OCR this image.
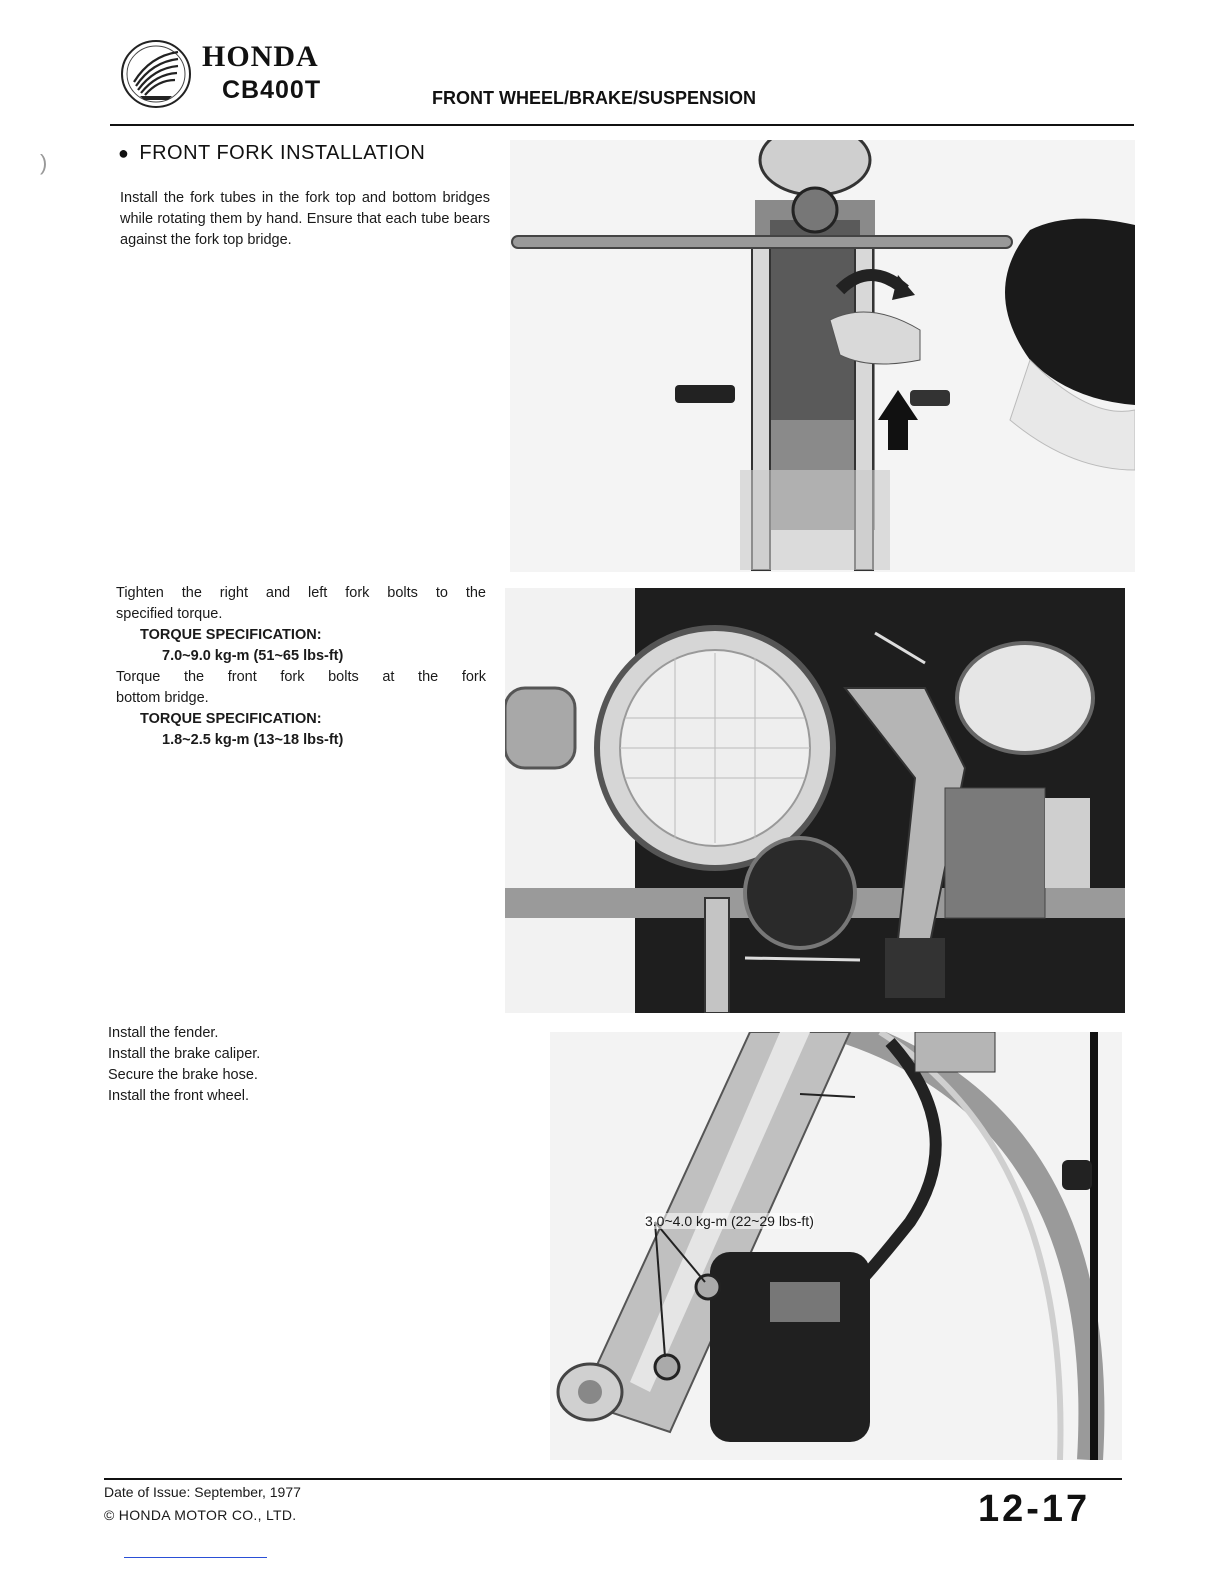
HONDA
CB400T	FRONT WHEEL/BRAKE/SUSPENSION
)	● FRONT FORK INSTALLATION
Install the fork tubes in the fork top and bottom bridges while rotating them by hand. Ensure that each tube bears against the fork top bridge.
Tighten the right and left fork bolts to the
specified torque.
TORQUE SPECIFICATION:
7.0~9.0 kg-m (51~65 lbs-ft)
Torque the front fork bolts at the fork
bottom bridge.
TORQUE SPECIFICATION:
1.8~2.5 kg-m (13~18 lbs-ft)
Install the fender.
Install the brake caliper.
Secure the brake hose.
Install the front wheel.
3.0~4.0 kg-m (22~29 lbs-ft)
Date of Issue: September, 1977
© HONDA MOTOR CO., LTD.	12-17
